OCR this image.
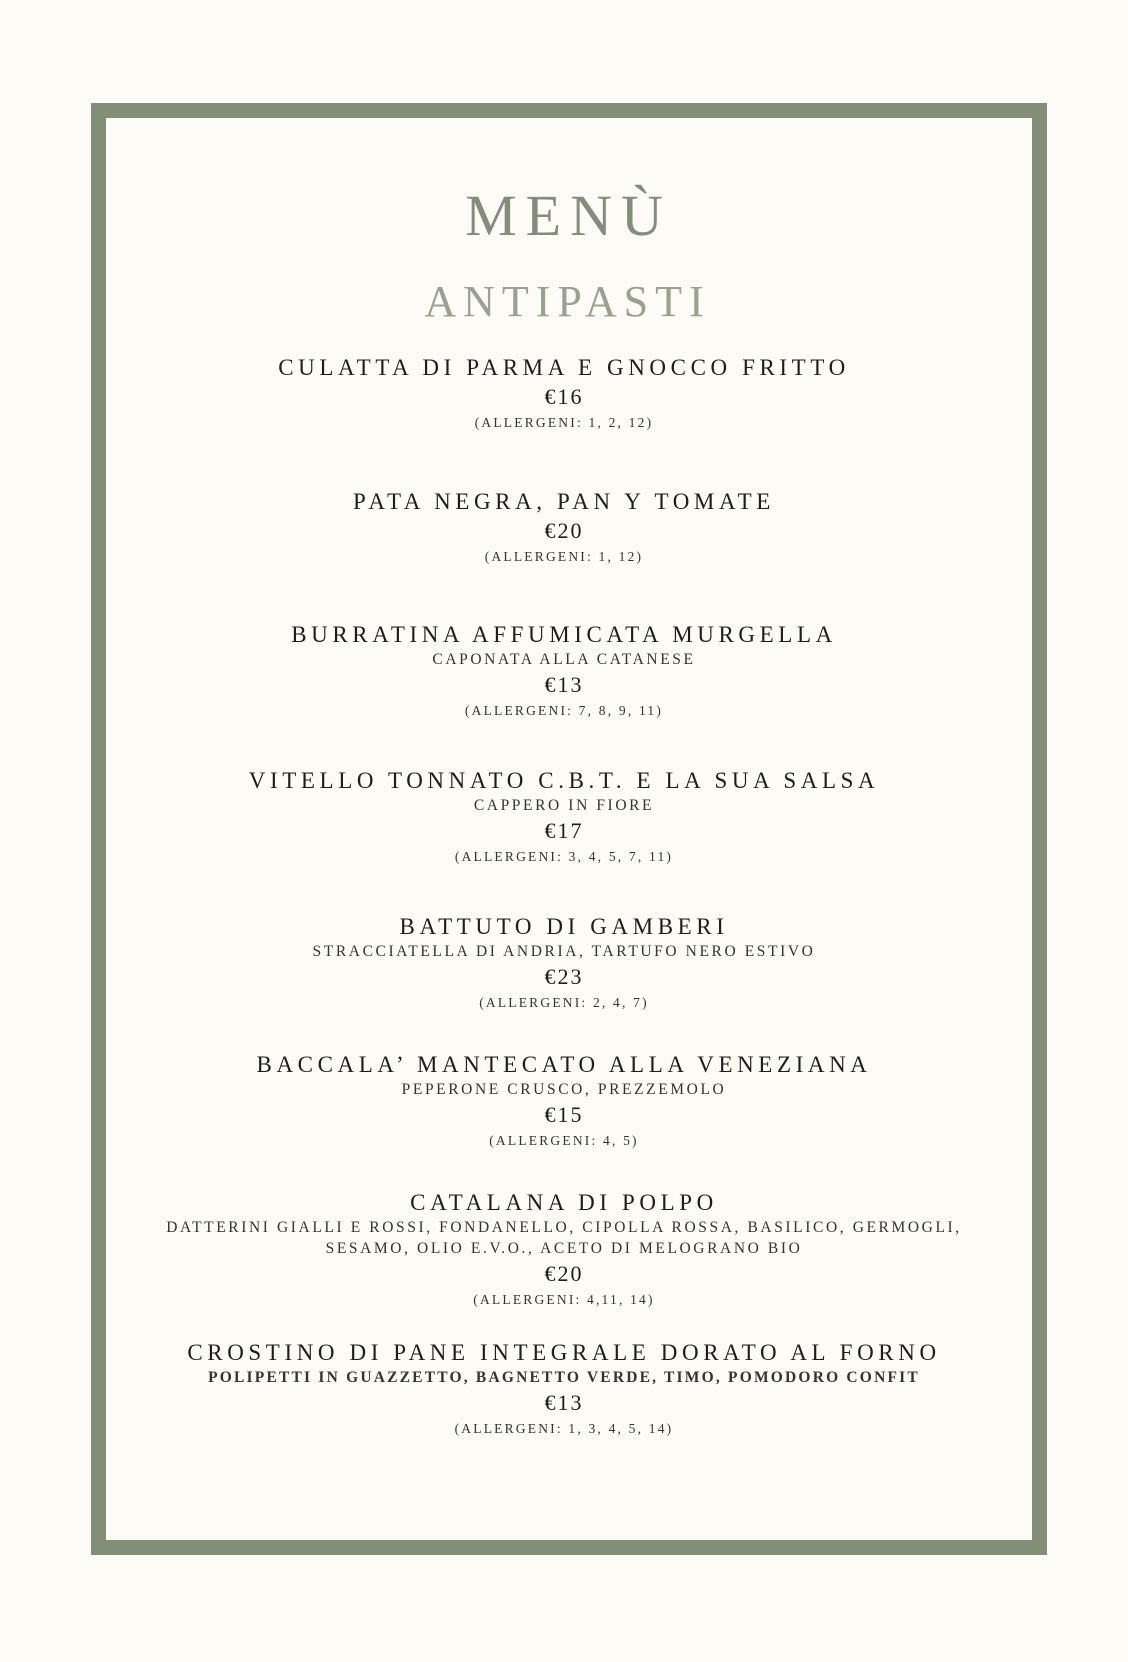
MENÙ
ANTIPASTI
CULATTA DI PARMA E GNOCCO FRITTO
€16
(ALLERGENI: 1, 2, 12)
PATA NEGRA, PAN Y TOMATE
€20
(ALLERGENI: 1, 12)
BURRATINA AFFUMICATA MURGELLA
CAPONATA ALLA CATANESE
€13
(ALLERGENI: 7, 8, 9, 11)
VITELLO TONNATO C.B.T. E LA SUA SALSA
CAPPERO IN FIORE
€17
(ALLERGENI: 3, 4, 5, 7, 11)
BATTUTO DI GAMBERI
STRACCIATELLA DI ANDRIA, TARTUFO NERO ESTIVO
€23
(ALLERGENI: 2, 4, 7)
BACCALA’ MANTECATO ALLA VENEZIANA
PEPERONE CRUSCO, PREZZEMOLO
€15
(ALLERGENI: 4, 5)
CATALANA DI POLPO
DATTERINI GIALLI E ROSSI, FONDANELLO, CIPOLLA ROSSA, BASILICO, GERMOGLI,
SESAMO, OLIO E.V.O., ACETO DI MELOGRANO BIO
€20
(ALLERGENI: 4,11, 14)
CROSTINO DI PANE INTEGRALE DORATO AL FORNO
POLIPETTI IN GUAZZETTO, BAGNETTO VERDE, TIMO, POMODORO CONFIT
€13
(ALLERGENI: 1, 3, 4, 5, 14)
